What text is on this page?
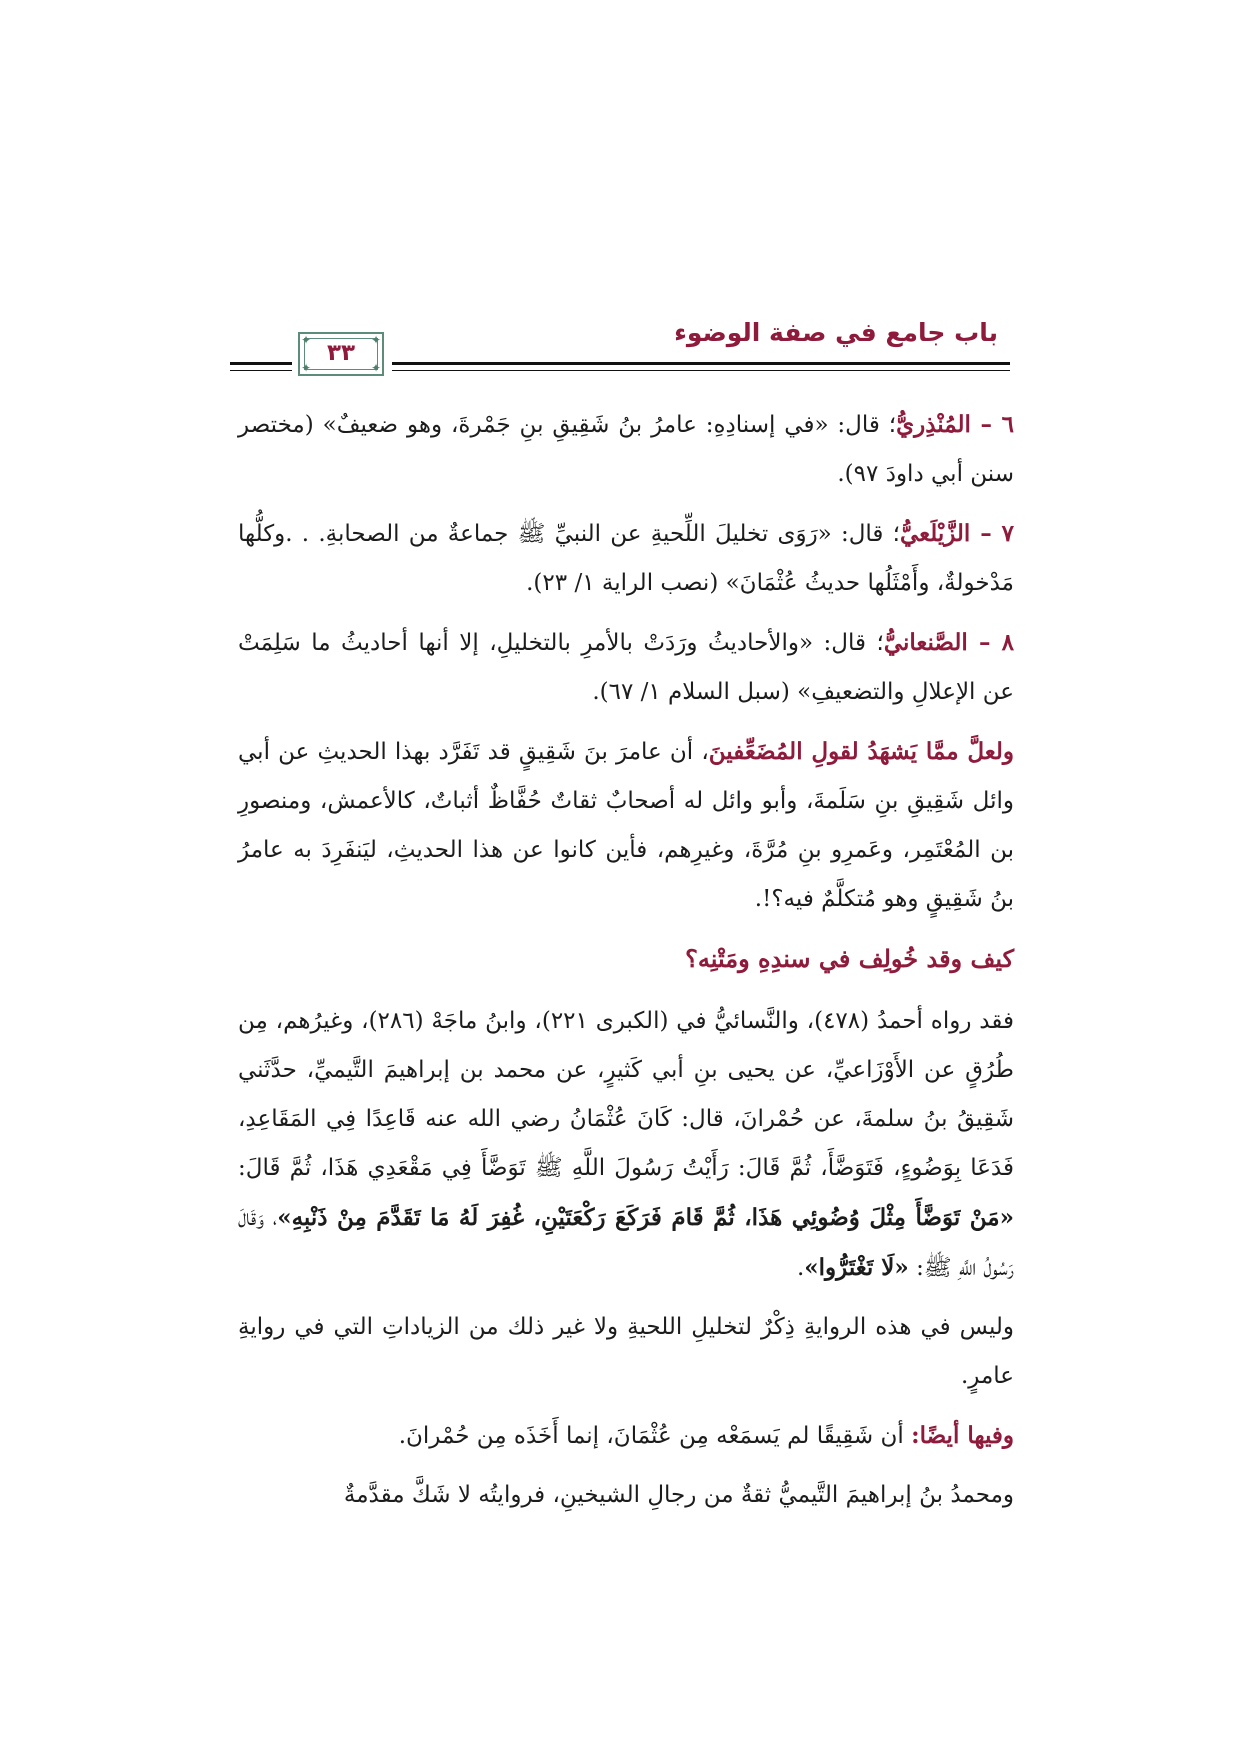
باب جامع في صفة الوضوء
✦	✦
✦	✦
٣٣

٦ – المُنْذِريُّ؛ قال: «في إسنادِهِ: عامرُ بنُ شَقِيقِ بنِ جَمْرةَ، وهو ضعيفٌ» (مختصر سنن أبي داودَ ٩٧).

٧ – الزَّيْلَعيُّ؛ قال: «رَوَى تخليلَ اللِّحيةِ عن النبيِّ ﷺ جماعةٌ من الصحابةِ. . .وكلُّها مَدْخولةٌ، وأَمْثَلُها حديثُ عُثْمَانَ» (نصب الراية ١/ ٢٣).

٨ – الصَّنعانيُّ؛ قال: «والأحاديثُ ورَدَتْ بالأمرِ بالتخليلِ، إلا أنها أحاديثُ ما سَلِمَتْ عن الإعلالِ والتضعيفِ» (سبل السلام ١/ ٦٧).

ولعلَّ ممَّا يَشهَدُ لقولِ المُضَعِّفينَ، أن عامرَ بنَ شَقِيقٍ قد تَفَرَّد بهذا الحديثِ عن أبي وائل شَقِيقِ بنِ سَلَمةَ، وأبو وائل له أصحابٌ ثقاتٌ حُفَّاظٌ أثباتٌ، كالأعمش، ومنصورِ بن المُعْتَمِر، وعَمرِو بنِ مُرَّةَ، وغيرِهم، فأين كانوا عن هذا الحديثِ، ليَنفَرِدَ به عامرُ بنُ شَقِيقٍ وهو مُتكلَّمٌ فيه؟!.

كيف وقد خُولِف في سندِهِ ومَتْنِه؟

فقد رواه أحمدُ (٤٧٨)، والنَّسائيُّ في (الكبرى ٢٢١)، وابنُ ماجَهْ (٢٨٦)، وغيرُهم، مِن طُرُقٍ عن الأَوْزَاعيِّ، عن يحيى بنِ أبي كَثيرٍ، عن محمد بن إبراهيمَ التَّيميِّ، حدَّثَني شَقِيقُ بنُ سلمةَ، عن حُمْرانَ، قال: كَانَ عُثْمَانُ رضي الله عنه قَاعِدًا فِي المَقَاعِدِ، فَدَعَا بِوَضُوءٍ، فَتَوَضَّأَ، ثُمَّ قَالَ: رَأَيْتُ رَسُولَ اللَّهِ ﷺ تَوَضَّأَ فِي مَقْعَدِي هَذَا، ثُمَّ قَالَ: «مَنْ تَوَضَّأَ مِثْلَ وُضُوئِي هَذَا، ثُمَّ قَامَ فَرَكَعَ رَكْعَتَيْنِ، غُفِرَ لَهُ مَا تَقَدَّمَ مِنْ ذَنْبِهِ»، وَقَالَ رَسُولُ اللَّهِ ﷺ: «لَا تَغْتَرُّوا».

وليس في هذه الروايةِ ذِكْرٌ لتخليلِ اللحيةِ ولا غير ذلك من الزياداتِ التي في روايةِ عامرٍ.

وفيها أيضًا: أن شَقِيقًا لم يَسمَعْه مِن عُثْمَانَ، إنما أَخَذَه مِن حُمْرانَ.

ومحمدُ بنُ إبراهيمَ التَّيميُّ ثقةٌ من رجالِ الشيخينِ، فروايتُه لا شَكَّ مقدَّمةٌ
